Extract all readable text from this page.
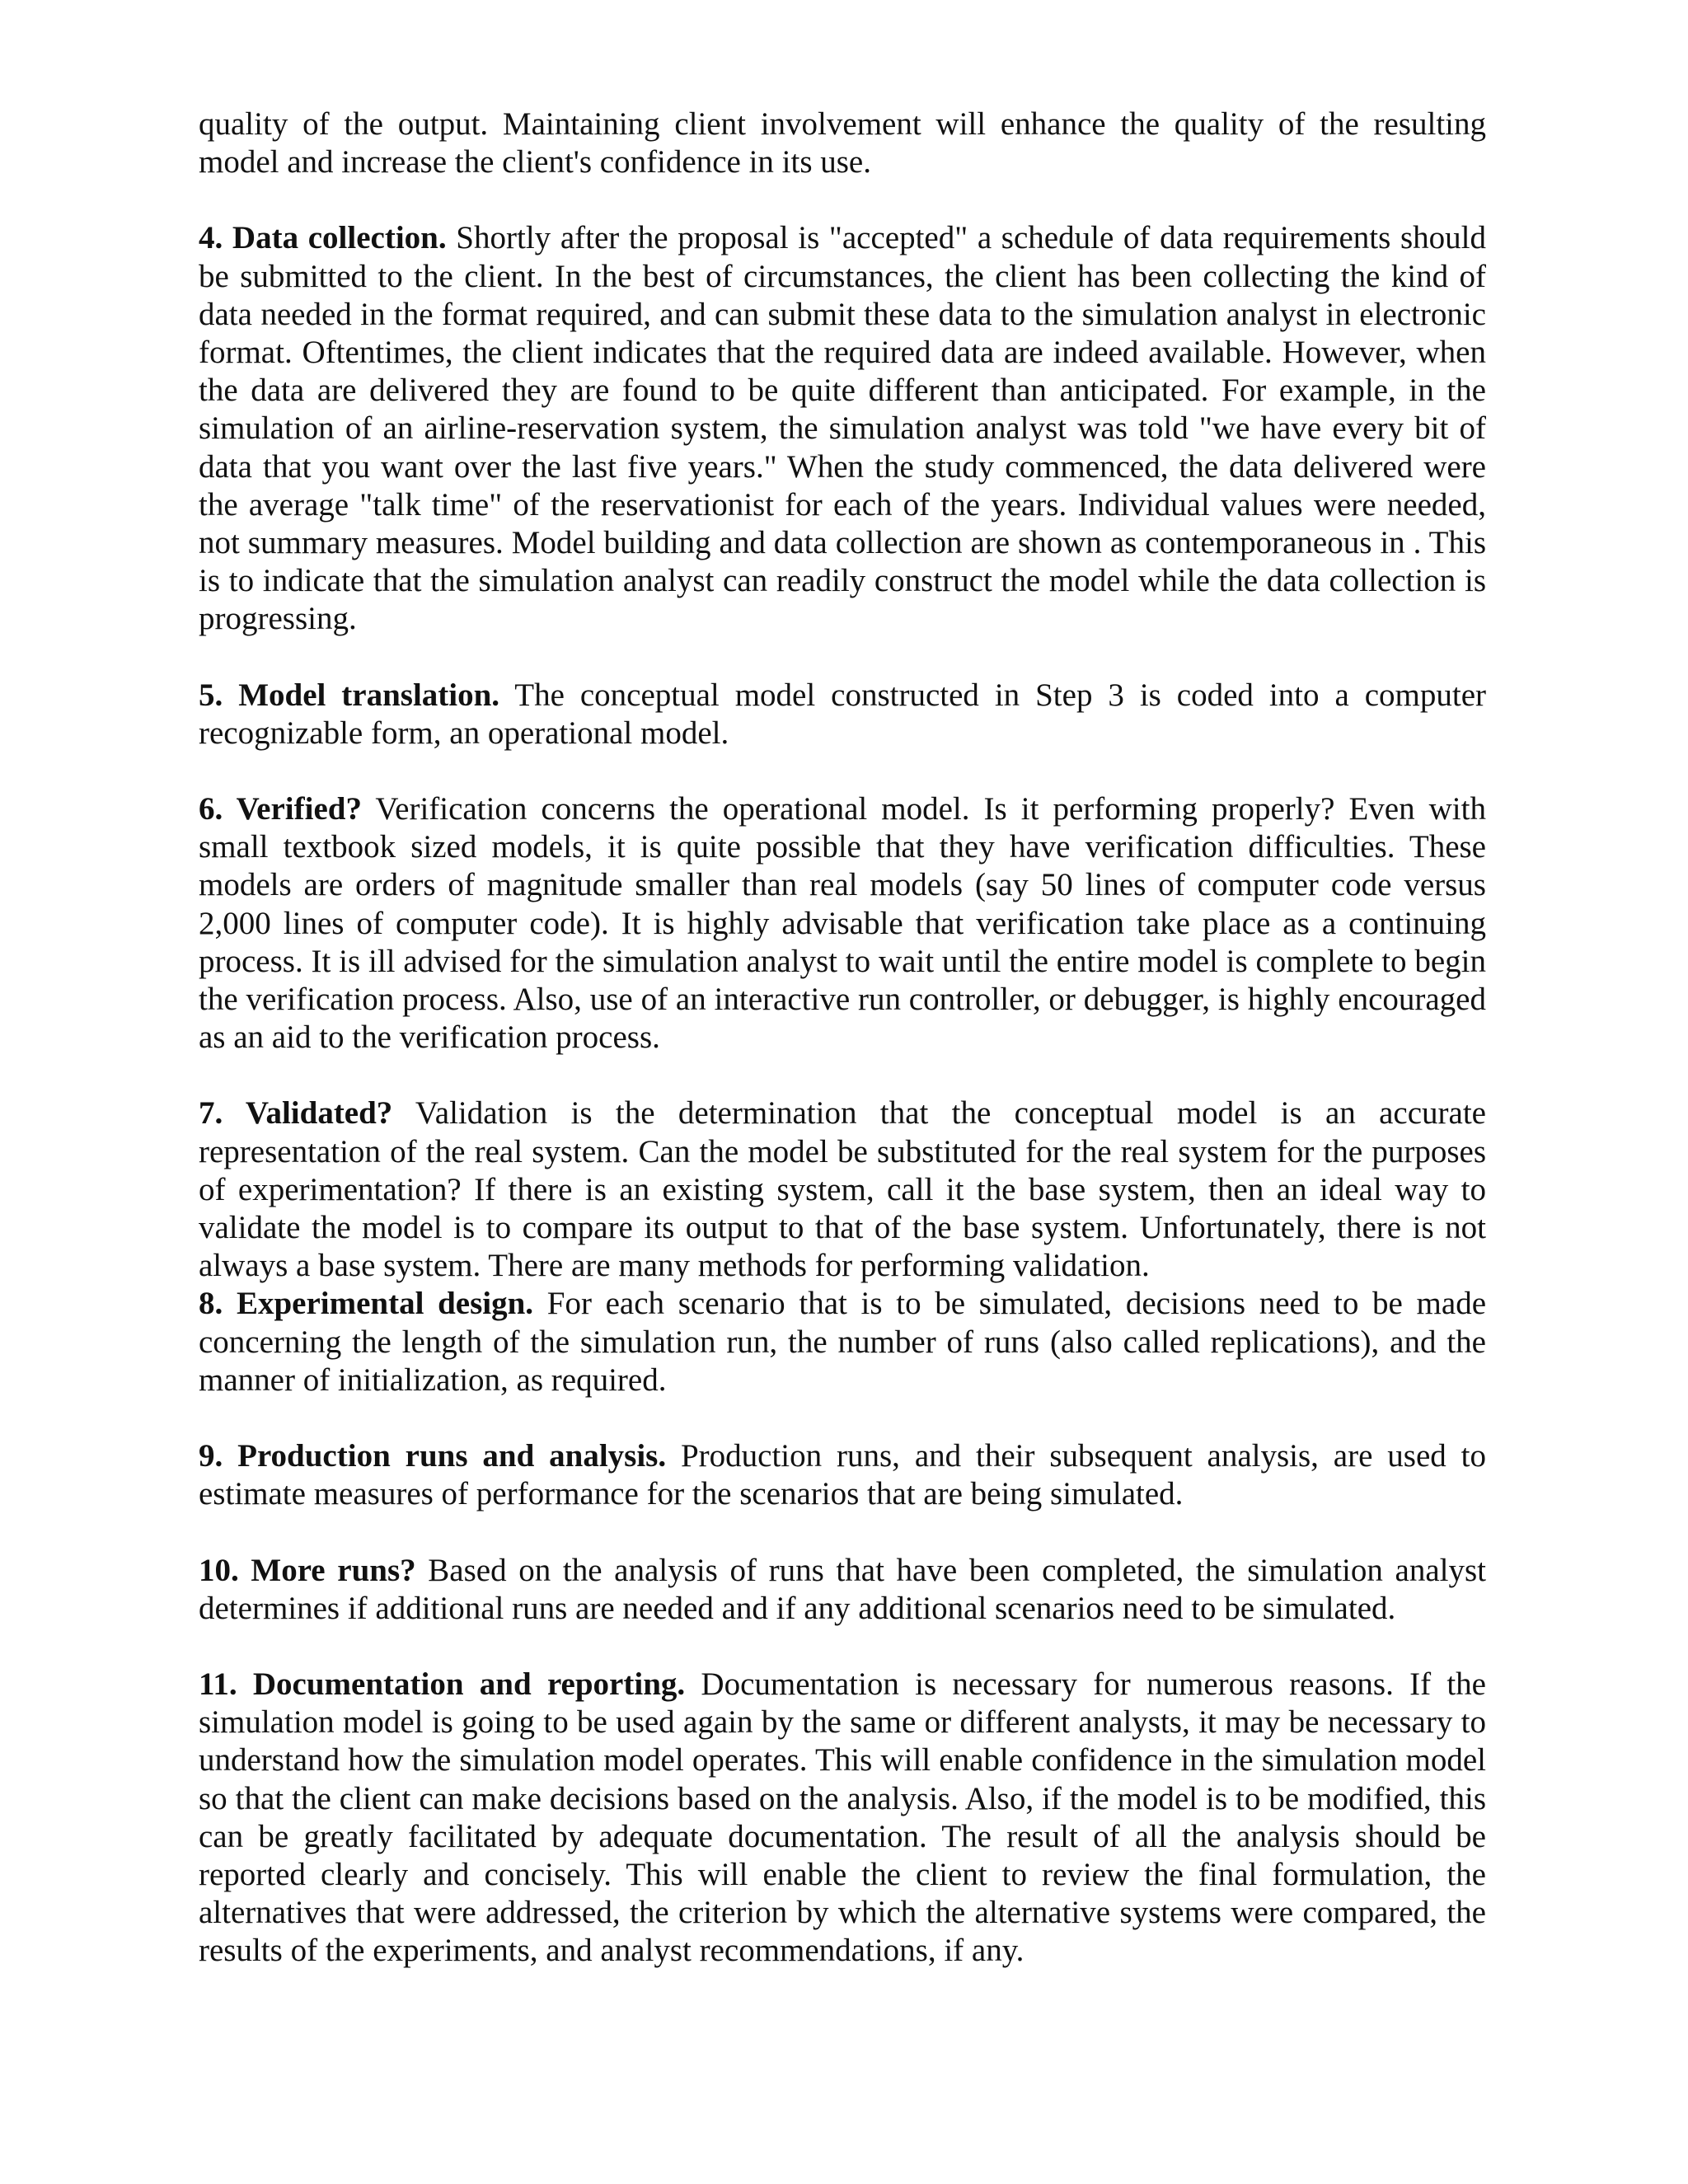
quality of the output. Maintaining client involvement will enhance the quality of the resulting model and increase the client's confidence in its use.

4. Data collection. Shortly after the proposal is "accepted" a schedule of data requirements should be submitted to the client. In the best of circumstances, the client has been collecting the kind of data needed in the format required, and can submit these data to the simulation analyst in electronic format. Oftentimes, the client indicates that the required data are indeed available. However, when the data are delivered they are found to be quite different than anticipated. For example, in the simulation of an airline-reservation system, the simulation analyst was told "we have every bit of data that you want over the last five years." When the study commenced, the data delivered were the average "talk time" of the reservationist for each of the years. Individual values were needed, not summary measures. Model building and data collection are shown as contemporaneous in . This is to indicate that the simulation analyst can readily construct the model while the data collection is progressing.

5. Model translation. The conceptual model constructed in Step 3 is coded into a computer recognizable form, an operational model.

6. Verified? Verification concerns the operational model. Is it performing properly? Even with small textbook sized models, it is quite possible that they have verification difficulties. These models are orders of magnitude smaller than real models (say 50 lines of computer code versus 2,000 lines of computer code). It is highly advisable that verification take place as a continuing process. It is ill advised for the simulation analyst to wait until the entire model is complete to begin the verification process. Also, use of an interactive run controller, or debugger, is highly encouraged as an aid to the verification process.

7. Validated? Validation is the determination that the conceptual model is an accurate representation of the real system. Can the model be substituted for the real system for the purposes of experimentation? If there is an existing system, call it the base system, then an ideal way to validate the model is to compare its output to that of the base system. Unfortunately, there is not always a base system. There are many methods for performing validation.

8. Experimental design. For each scenario that is to be simulated, decisions need to be made concerning the length of the simulation run, the number of runs (also called replications), and the manner of initialization, as required.

9. Production runs and analysis. Production runs, and their subsequent analysis, are used to estimate measures of performance for the scenarios that are being simulated.

10. More runs? Based on the analysis of runs that have been completed, the simulation analyst determines if additional runs are needed and if any additional scenarios need to be simulated.

11. Documentation and reporting. Documentation is necessary for numerous reasons. If the simulation model is going to be used again by the same or different analysts, it may be necessary to understand how the simulation model operates. This will enable confidence in the simulation model so that the client can make decisions based on the analysis. Also, if the model is to be modified, this can be greatly facilitated by adequate documentation. The result of all the analysis should be reported clearly and concisely. This will enable the client to review the final formulation, the alternatives that were addressed, the criterion by which the alternative systems were compared, the results of the experiments, and analyst recommendations, if any.
